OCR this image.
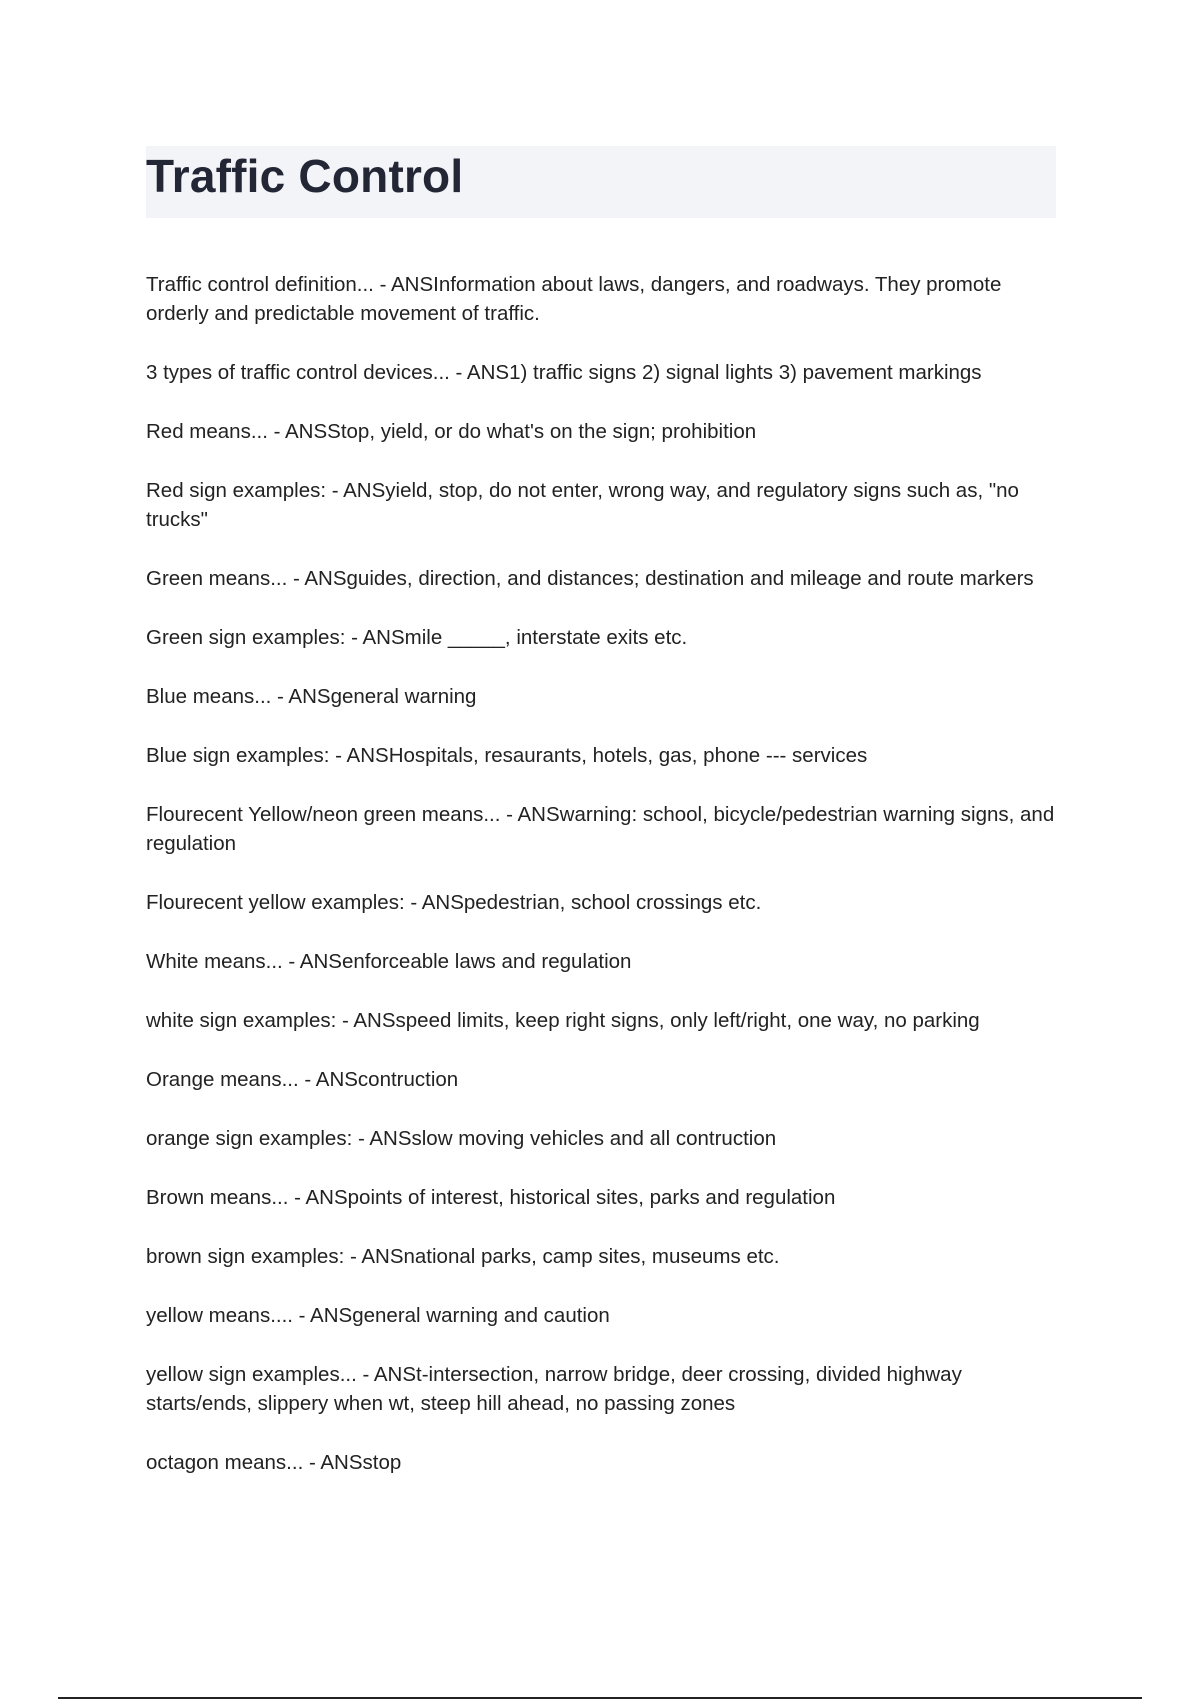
Traffic Control
Traffic control definition... - ANSInformation about laws, dangers, and roadways. They promote orderly and predictable movement of traffic.
3 types of traffic control devices... - ANS1) traffic signs 2) signal lights 3) pavement markings
Red means... - ANSStop, yield, or do what's on the sign; prohibition
Red sign examples: - ANSyield, stop, do not enter, wrong way, and regulatory signs such as, "no trucks"
Green means... - ANSguides, direction, and distances; destination and mileage and route markers
Green sign examples: - ANSmile _____, interstate exits etc.
Blue means... - ANSgeneral warning
Blue sign examples: - ANSHospitals, resaurants, hotels, gas, phone --- services
Flourecent Yellow/neon green means... - ANSwarning: school, bicycle/pedestrian warning signs, and regulation
Flourecent yellow examples: - ANSpedestrian, school crossings etc.
White means... - ANSenforceable laws and regulation
white sign examples: - ANSspeed limits, keep right signs, only left/right, one way, no parking
Orange means... - ANScontruction
orange sign examples: - ANSslow moving vehicles and all contruction
Brown means... - ANSpoints of interest, historical sites, parks and regulation
brown sign examples: - ANSnational parks, camp sites, museums etc.
yellow means.... - ANSgeneral warning and caution
yellow sign examples... - ANSt-intersection, narrow bridge, deer crossing, divided highway starts/ends, slippery when wt, steep hill ahead, no passing zones
octagon means... - ANSstop
